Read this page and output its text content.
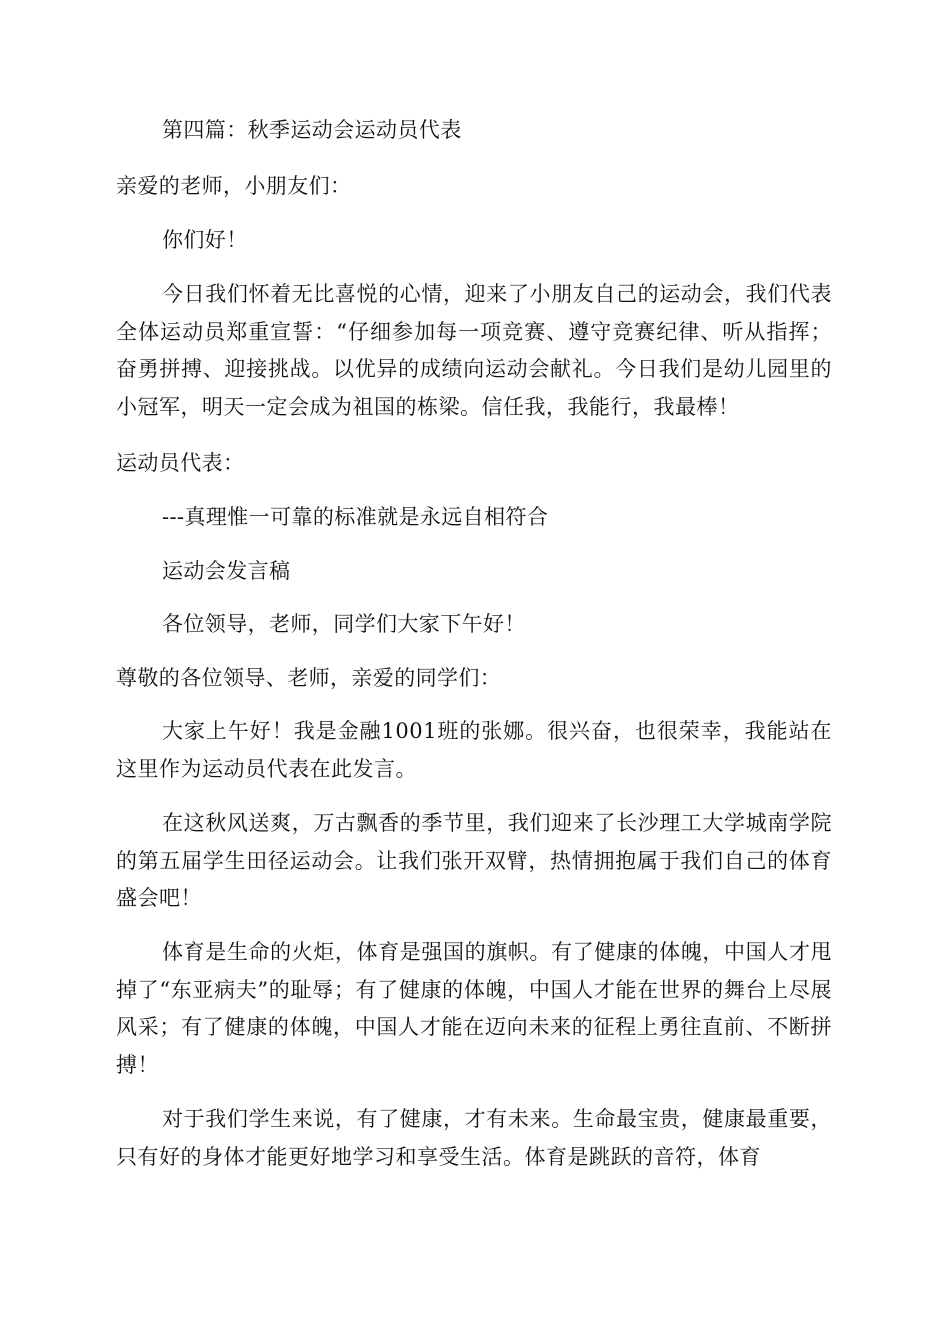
第四篇：秋季运动会运动员代表
亲爱的老师，小朋友们：
你们好！
今日我们怀着无比喜悦的心情，迎来了小朋友自己的运动会，我们代表全体运动员郑重宣誓：“仔细参加每一项竞赛、遵守竞赛纪律、听从指挥；奋勇拼搏、迎接挑战。以优异的成绩向运动会献礼。今日我们是幼儿园里的小冠军，明天一定会成为祖国的栋梁。信任我，我能行，我最棒！
运动员代表：
---真理惟一可靠的标准就是永远自相符合
运动会发言稿
各位领导，老师，同学们大家下午好！
尊敬的各位领导、老师，亲爱的同学们：
大家上午好！我是金融1001班的张娜。很兴奋，也很荣幸，我能站在这里作为运动员代表在此发言。
在这秋风送爽，万古飘香的季节里，我们迎来了长沙理工大学城南学院的第五届学生田径运动会。让我们张开双臂，热情拥抱属于我们自己的体育盛会吧！
体育是生命的火炬，体育是强国的旗帜。有了健康的体魄，中国人才甩掉了“东亚病夫”的耻辱；有了健康的体魄，中国人才能在世界的舞台上尽展风采；有了健康的体魄，中国人才能在迈向未来的征程上勇往直前、不断拼搏！
对于我们学生来说，有了健康，才有未来。生命最宝贵，健康最重要，只有好的身体才能更好地学习和享受生活。体育是跳跃的音符，体育
